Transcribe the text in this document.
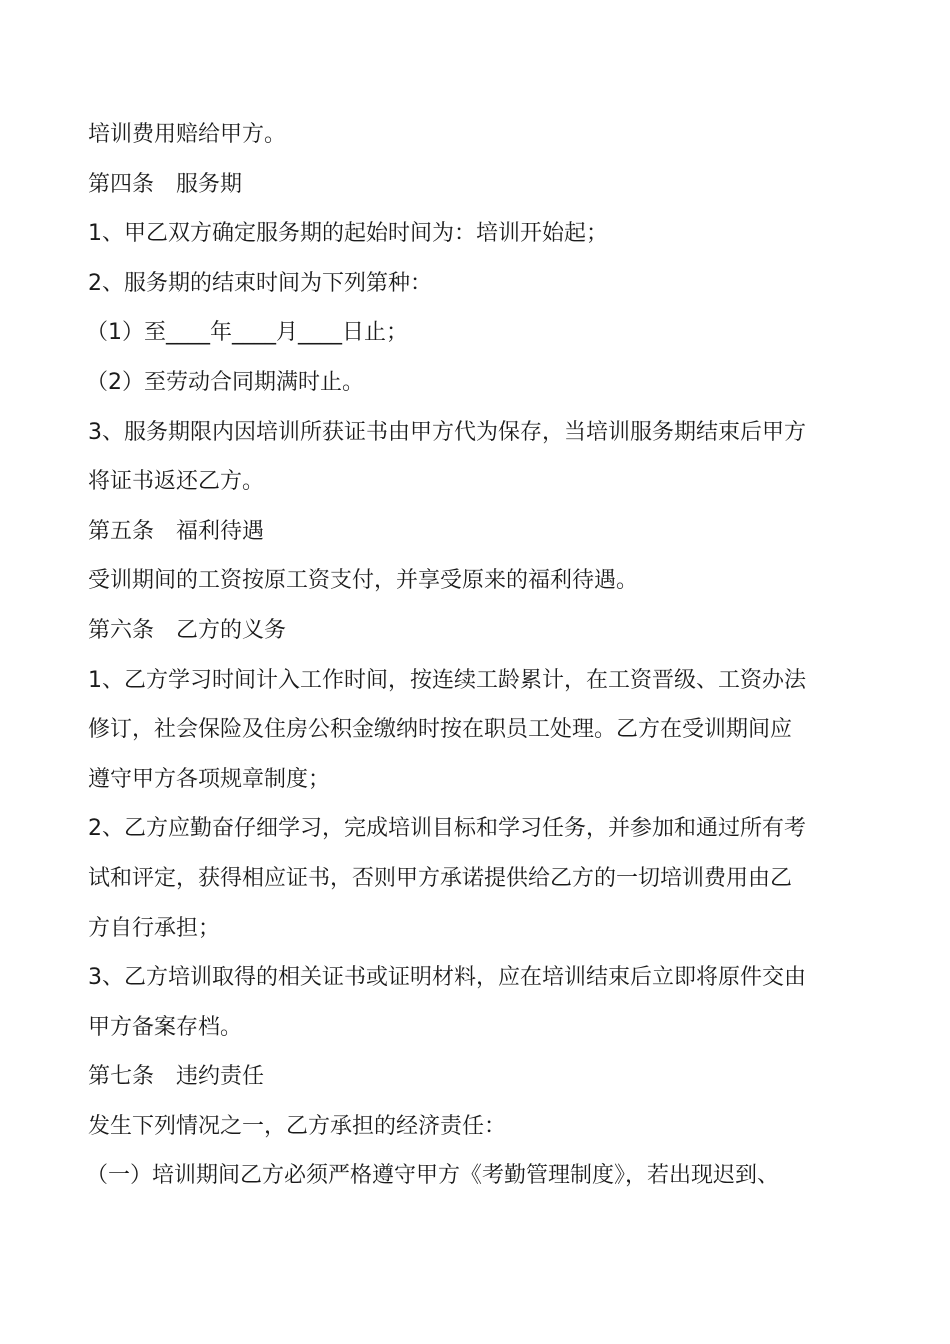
培训费用赔给甲方。
第四条　服务期
1、甲乙双方确定服务期的起始时间为：培训开始起；
2、服务期的结束时间为下列第种：
（1）至____年____月____日止；
（2）至劳动合同期满时止。
3、服务期限内因培训所获证书由甲方代为保存，当培训服务期结束后甲方
将证书返还乙方。
第五条　福利待遇
受训期间的工资按原工资支付，并享受原来的福利待遇。
第六条　乙方的义务
1、乙方学习时间计入工作时间，按连续工龄累计，在工资晋级、工资办法
修订，社会保险及住房公积金缴纳时按在职员工处理。乙方在受训期间应
遵守甲方各项规章制度；
2、乙方应勤奋仔细学习，完成培训目标和学习任务，并参加和通过所有考
试和评定，获得相应证书，否则甲方承诺提供给乙方的一切培训费用由乙
方自行承担；
3、乙方培训取得的相关证书或证明材料，应在培训结束后立即将原件交由
甲方备案存档。
第七条　违约责任
发生下列情况之一，乙方承担的经济责任：
（一）培训期间乙方必须严格遵守甲方《考勤管理制度》，若出现迟到、
